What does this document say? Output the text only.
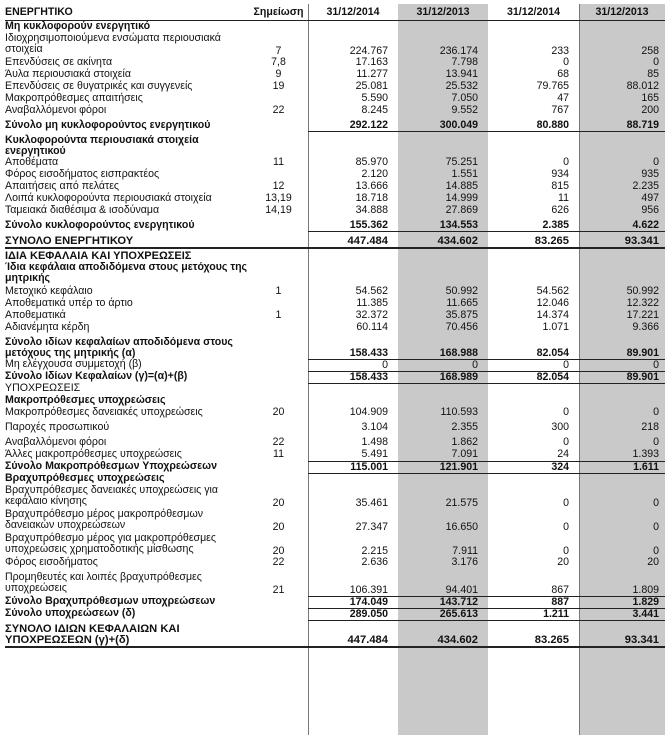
ΕΝΕΡΓΗΤΙΚΟ	Σημείωση	31/12/2014	31/12/2013	31/12/2014	31/12/2013
Μη κυκλοφορούν ενεργητικό					
Ιδιοχρησιμοποιούμενα ενσώματα περιουσιακά στοιχεία	7	224.767	236.174	233	258
Επενδύσεις σε ακίνητα	7,8	17.163	7.798	0	0
Άυλα περιουσιακά στοιχεία	9	11.277	13.941	68	85
Επενδύσεις σε θυγατρικές και συγγενείς	19	25.081	25.532	79.765	88.012
Μακροπρόθεσμες απαιτήσεις		5.590	7.050	47	165
Αναβαλλόμενοι φόροι	22	8.245	9.552	767	200
Σύνολο μη κυκλοφορούντος ενεργητικού		292.122	300.049	80.880	88.719
Κυκλοφορούντα περιουσιακά στοιχεία ενεργητικού					
Αποθέματα	11	85.970	75.251	0	0
Φόρος εισοδήματος εισπρακτέος		2.120	1.551	934	935
Απαιτήσεις από πελάτες	12	13.666	14.885	815	2.235
Λοιπά κυκλοφορούντα περιουσιακά στοιχεία	13,19	18.718	14.999	11	497
Ταμειακά διαθέσιμα & ισοδύναμα	14,19	34.888	27.869	626	956
Σύνολο κυκλοφορούντος ενεργητικού		155.362	134.553	2.385	4.622
ΣΥΝΟΛΟ ΕΝΕΡΓΗΤΙΚΟΥ		447.484	434.602	83.265	93.341
ΙΔΙΑ ΚΕΦΑΛΑΙΑ ΚΑΙ ΥΠΟΧΡΕΩΣΕΙΣ					
Ίδια κεφάλαια αποδιδόμενα στους μετόχους της μητρικής					
Μετοχικό κεφάλαιο	1	54.562	50.992	54.562	50.992
Αποθεματικά υπέρ το άρτιο		11.385	11.665	12.046	12.322
Αποθεματικά	1	32.372	35.875	14.374	17.221
Αδιανέμητα κέρδη		60.114	70.456	1.071	9.366
Σύνολο ιδίων κεφαλαίων αποδιδόμενα στους μετόχους της μητρικής (α)		158.433	168.988	82.054	89.901
Μη ελέγχουσα συμμετοχή (β)		0	0	0	0
Σύνολο Ιδίων Κεφαλαίων (γ)=(α)+(β)		158.433	168.989	82.054	89.901
ΥΠΟΧΡΕΩΣΕΙΣ					
Μακροπρόθεσμες υποχρεώσεις					
Μακροπρόθεσμες δανειακές υποχρεώσεις	20	104.909	110.593	0	0
Παροχές προσωπικού		3.104	2.355	300	218
Αναβαλλόμενοι φόροι	22	1.498	1.862	0	0
Άλλες μακροπρόθεσμες υποχρεώσεις	11	5.491	7.091	24	1.393
Σύνολο Μακροπρόθεσμων Υποχρεώσεων		115.001	121.901	324	1.611
Βραχυπρόθεσμες υποχρεώσεις					
Βραχυπρόθεσμες δανειακές υποχρεώσεις για κεφάλαιο κίνησης	20	35.461	21.575	0	0
Βραχυπρόθεσμο μέρος μακροπρόθεσμων δανειακών υποχρεώσεων	20	27.347	16.650	0	0
Βραχυπρόθεσμο μέρος για μακροπρόθεσμες υποχρεώσεις χρηματοδοτικής μίσθωσης	20	2.215	7.911	0	0
Φόρος εισοδήματος	22	2.636	3.176	20	20
Προμηθευτές και λοιπές βραχυπρόθεσμες υποχρεώσεις	21	106.391	94.401	867	1.809
Σύνολο Βραχυπρόθεσμων υποχρεώσεων		174.049	143.712	887	1.829
Σύνολο υποχρεώσεων (δ)		289.050	265.613	1.211	3.441
ΣΥΝΟΛΟ ΙΔΙΩΝ ΚΕΦΑΛΑΙΩΝ ΚΑΙ ΥΠΟΧΡΕΩΣΕΩΝ (γ)+(δ)		447.484	434.602	83.265	93.341
